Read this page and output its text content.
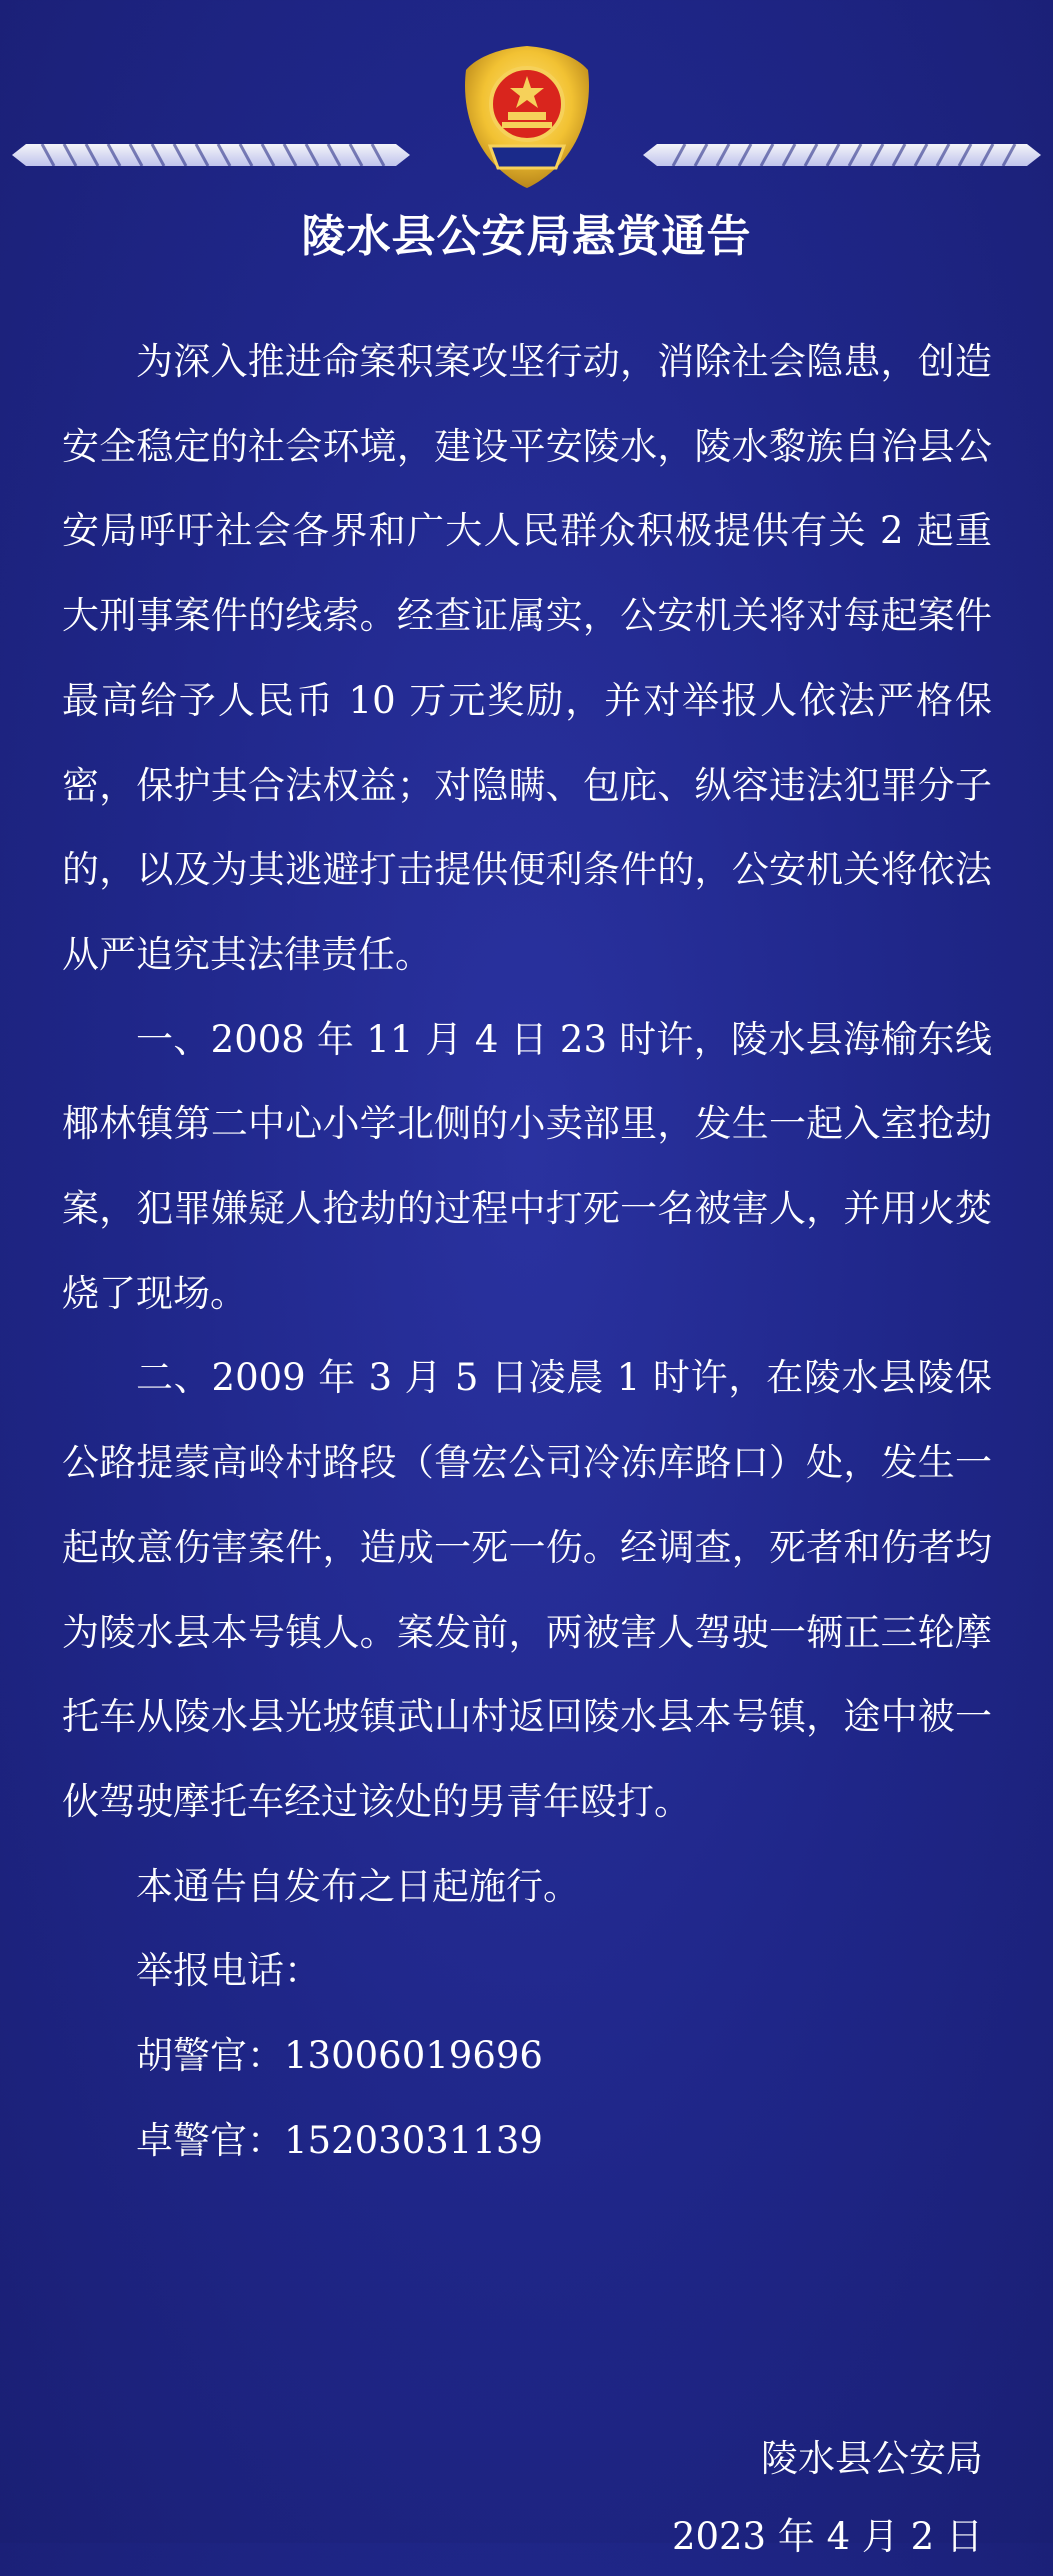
陵水县公安局悬赏通告

为深入推进命案积案攻坚行动，消除社会隐患，创造安全稳定的社会环境，建设平安陵水，陵水黎族自治县公安局呼吁社会各界和广大人民群众积极提供有关 2 起重大刑事案件的线索。经查证属实，公安机关将对每起案件最高给予人民币 10 万元奖励，并对举报人依法严格保密，保护其合法权益；对隐瞒、包庇、纵容违法犯罪分子的，以及为其逃避打击提供便利条件的，公安机关将依法从严追究其法律责任。

一、2008 年 11 月 4 日 23 时许，陵水县海榆东线椰林镇第二中心小学北侧的小卖部里，发生一起入室抢劫案，犯罪嫌疑人抢劫的过程中打死一名被害人，并用火焚烧了现场。

二、2009 年 3 月 5 日凌晨 1 时许，在陵水县陵保公路提蒙高岭村路段（鲁宏公司冷冻库路口）处，发生一起故意伤害案件，造成一死一伤。经调查，死者和伤者均为陵水县本号镇人。案发前，两被害人驾驶一辆正三轮摩托车从陵水县光坡镇武山村返回陵水县本号镇，途中被一伙驾驶摩托车经过该处的男青年殴打。

本通告自发布之日起施行。

举报电话：

胡警官：13006019696

卓警官：15203031139

陵水县公安局
2023 年 4 月 2 日
